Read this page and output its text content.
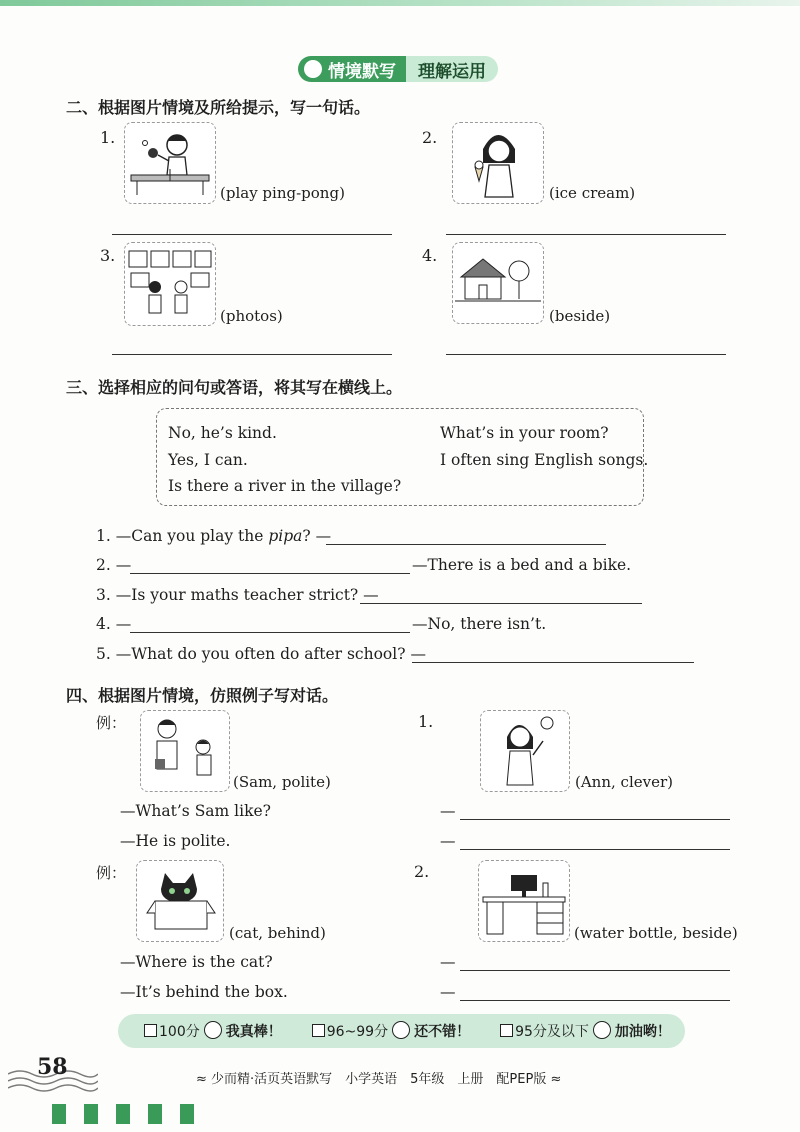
情境默写	理解运用
二、根据图片情境及所给提示，写一句话。
1.
(play ping-pong)
2.
(ice cream)
3.
(photos)
4.
(beside)
三、选择相应的问句或答语，将其写在横线上。
No, he’s kind.	What’s in your room?
Yes, I can.	I often sing English songs.
Is there a river in the village?
1. —Can you play the pipa? —
2. —	—There is a bed and a bike.
3. —Is your maths teacher strict? —
4. —	—No, there isn’t.
5. —What do you often do after school? —
四、根据图片情境，仿照例子写对话。
例：
(Sam, polite)
—What’s Sam like?
—He is polite.
1.
(Ann, clever)
—
—
例：
(cat, behind)
—Where is the cat?
—It’s behind the box.
2.
(water bottle, beside)
—
—
100分 我真棒！	96~99分 还不错！	95分及以下 加油哟！
58	≈ 少而精·活页英语默写　小学英语　5年级　上册　配PEP版 ≈
